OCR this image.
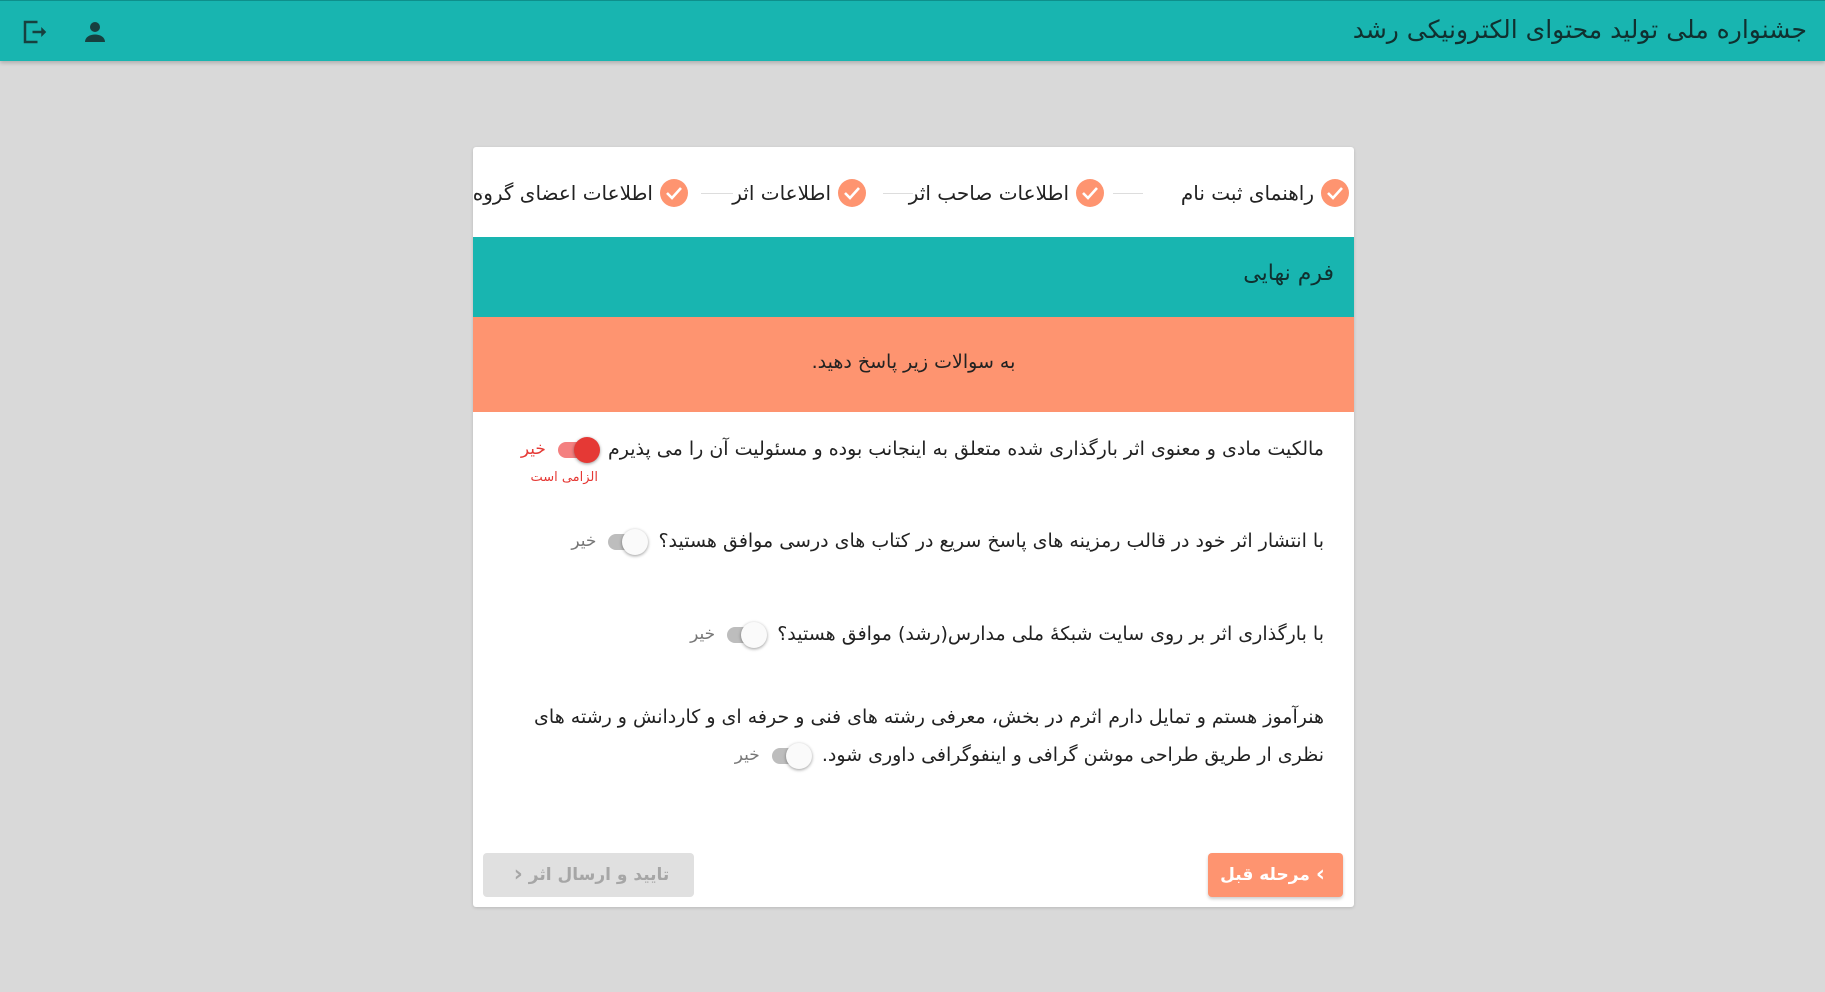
جشنواره ملی تولید محتوای الکترونیکی رشد
راهنمای ثبت نام
اطلاعات صاحب اثر
اطلاعات اثر
اطلاعات اعضای گروه
فرم نهایی
به سوالات زیر پاسخ دهید.
مالکیت مادی و معنوی اثر بارگذاری شده متعلق به اینجانب بوده و مسئولیت آن را می پذیرم
خیر
الزامی است
با انتشار اثر خود در قالب رمزینه های پاسخ سریع در کتاب های درسی موافق هستید؟
خیر
با بارگذاری اثر بر روی سایت شبکهٔ ملی مدارس(رشد) موافق هستید؟
خیر
هنرآموز هستم و تمایل دارم اثرم در بخش، معرفی رشته های فنی و حرفه ای و کاردانش و رشته های
نظری ار طریق طراحی موشن گرافی و اینفوگرافی داوری شود.
خیر
›
مرحله قبل
تایید و ارسال اثر
‹
